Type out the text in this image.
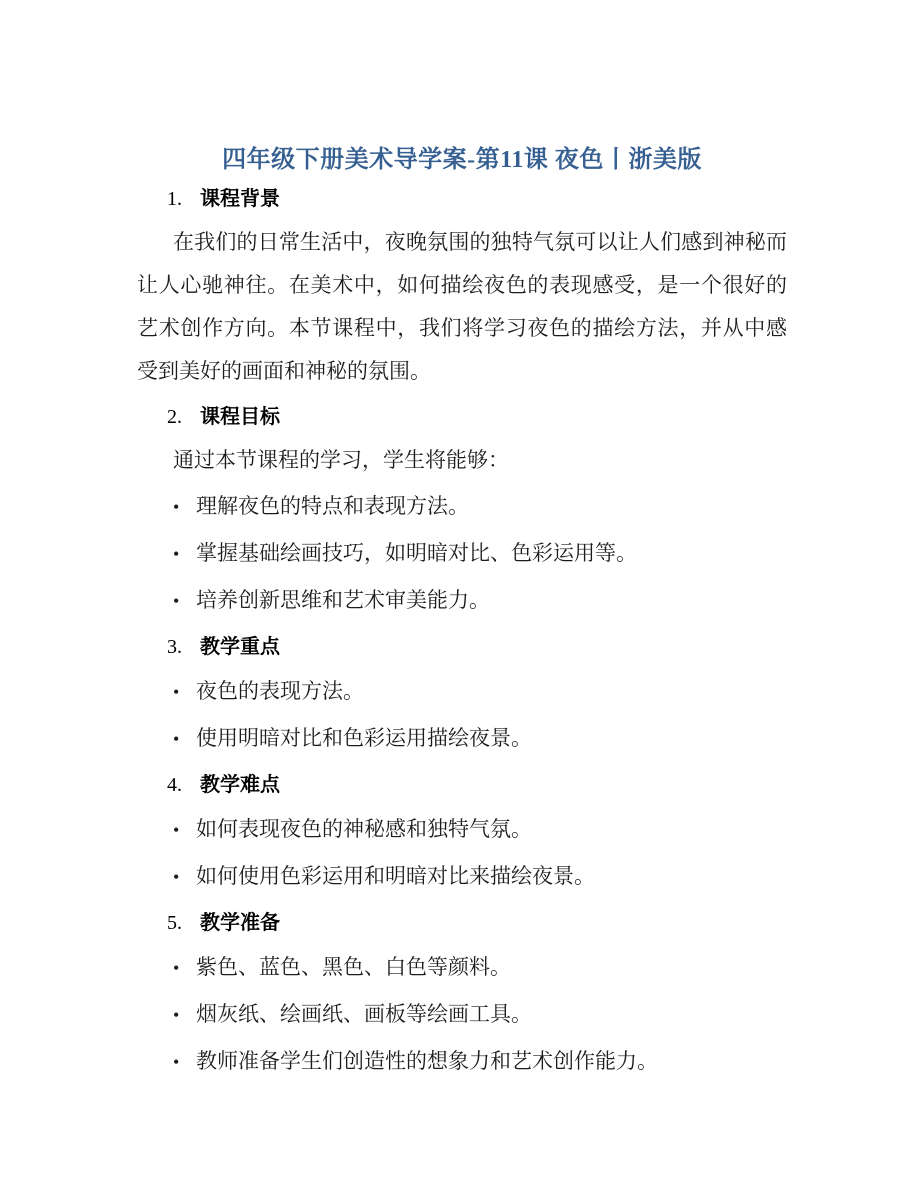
四年级下册美术导学案-第11课 夜色丨浙美版
1. 课程背景

在我们的日常生活中，夜晚氛围的独特气氛可以让人们感到神秘而让人心驰神往。在美术中，如何描绘夜色的表现感受，是一个很好的艺术创作方向。本节课程中，我们将学习夜色的描绘方法，并从中感受到美好的画面和神秘的氛围。

2. 课程目标

通过本节课程的学习，学生将能够：

• 理解夜色的特点和表现方法。
• 掌握基础绘画技巧，如明暗对比、色彩运用等。
• 培养创新思维和艺术审美能力。
3. 教学重点
• 夜色的表现方法。
• 使用明暗对比和色彩运用描绘夜景。
4. 教学难点
• 如何表现夜色的神秘感和独特气氛。
• 如何使用色彩运用和明暗对比来描绘夜景。
5. 教学准备
• 紫色、蓝色、黑色、白色等颜料。
• 烟灰纸、绘画纸、画板等绘画工具。
• 教师准备学生们创造性的想象力和艺术创作能力。
